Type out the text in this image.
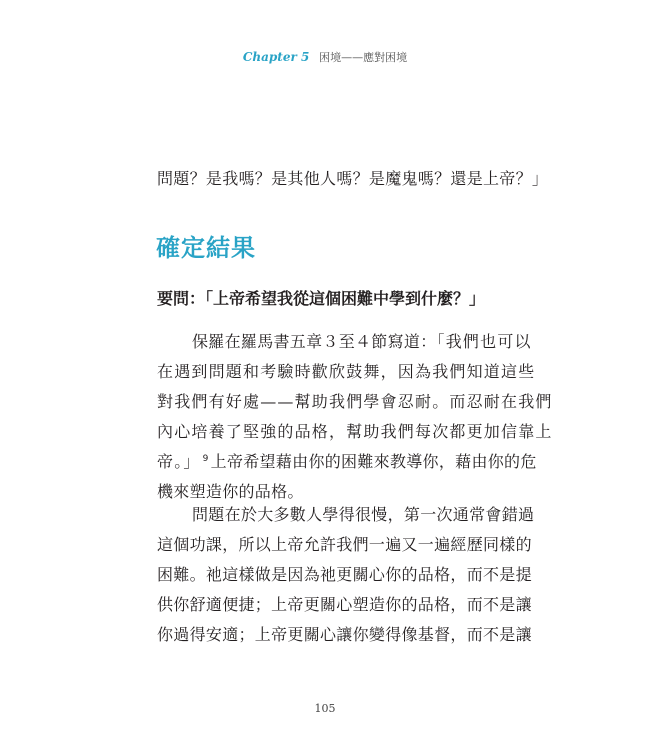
Chapter 5 困境——應對困境
問題？是我嗎？是其他人嗎？是魔鬼嗎？還是上帝？」
確定結果
要問：「上帝希望我從這個困難中學到什麼？」
保羅在羅馬書五章３至４節寫道：「我們也可以
在遇到問題和考驗時歡欣鼓舞，因為我們知道這些
對我們有好處——幫助我們學會忍耐。而忍耐在我們
內心培養了堅強的品格，幫助我們每次都更加信靠上
帝。」 $^9$ 上帝希望藉由你的困難來教導你，藉由你的危
機來塑造你的品格。
問題在於大多數人學得很慢，第一次通常會錯過
這個功課，所以上帝允許我們一遍又一遍經歷同樣的
困難。祂這樣做是因為祂更關心你的品格，而不是提
供你舒適便捷；上帝更關心塑造你的品格，而不是讓
你過得安適；上帝更關心讓你變得像基督，而不是讓
105
